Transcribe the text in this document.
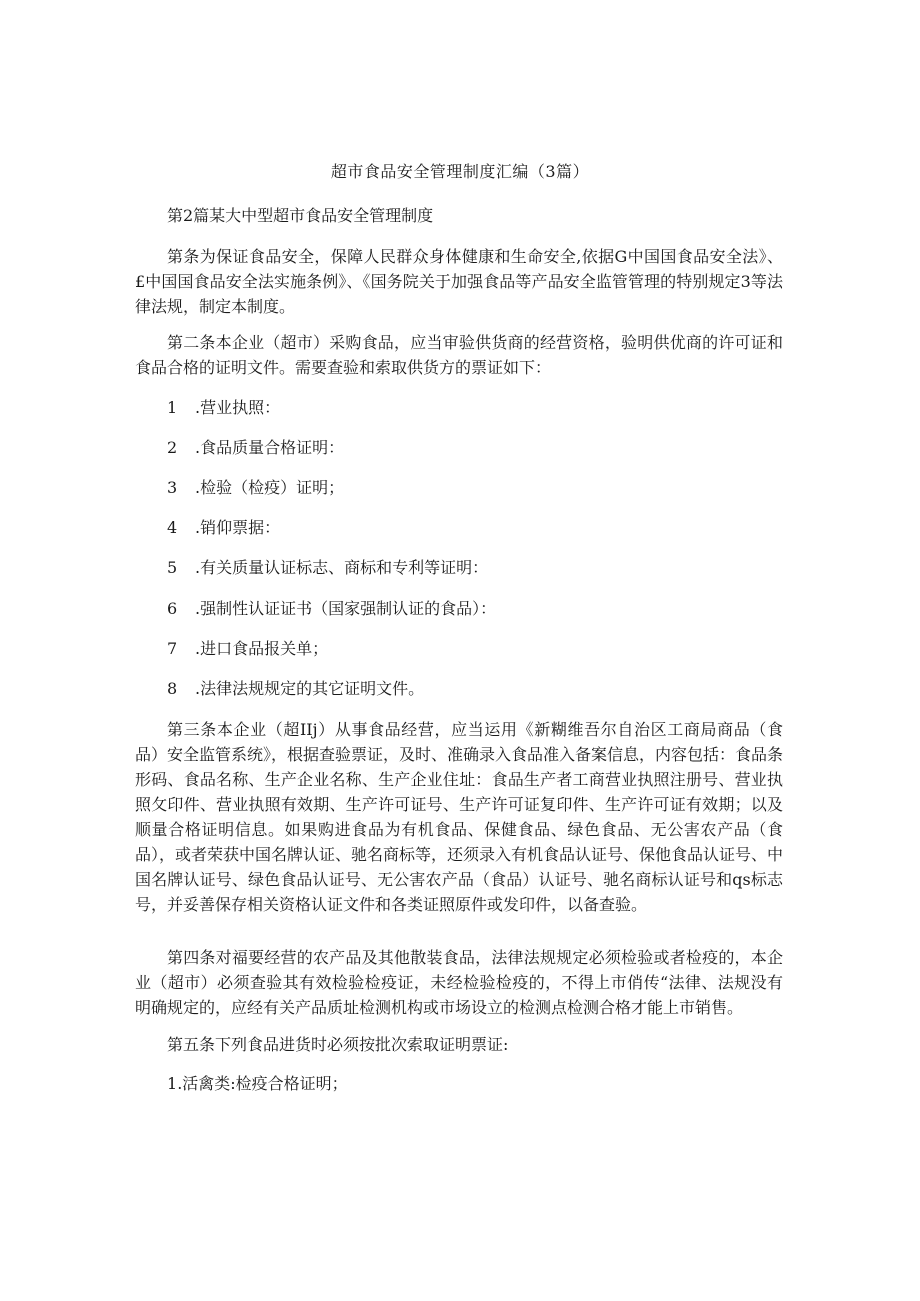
超市食品安全管理制度汇编（3篇）
第2篇某大中型超市食品安全管理制度

第条为保证食品安全，保障人民群众身体健康和生命安全,依据G中国国食品安全法》、£中国国食品安全法实施条例》、《国务院关于加强食品等产品安全监管管理的特别规定3等法律法规，制定本制度。

第二条本企业（超市）采购食品，应当审验供货商的经营资格，验明供优商的许可证和食品合格的证明文件。需要查验和索取供货方的票证如下：

1 .营业执照：
2 .食品质量合格证明：
3 .检验（检疫）证明；
4 .销仰票据：
5 .有关质量认证标志、商标和专利等证明：
6 .强制性认证证书（国家强制认证的食品）：
7 .进口食品报关单；
8 .法律法规规定的其它证明文件。

第三条本企业（超IIj）从事食品经营，应当运用《新糊维吾尔自治区工商局商品（食品）安全监管系统》，根据查验票证，及时、准确录入食品准入备案信息，内容包括：食品条形码、食品名称、生产企业名称、生产企业住址：食品生产者工商营业执照注册号、营业执照攵印件、营业执照有效期、生产许可证号、生产许可证复印件、生产许可证有效期；以及顺量合格证明信息。如果购进食品为有机食品、保健食品、绿色食品、无公害农产品（食品），或者荣获中国名牌认证、驰名商标等，还须录入有机食品认证号、保他食品认证号、中国名牌认证号、绿色食品认证号、无公害农产品（食品）认证号、驰名商标认证号和qs标志号，并妥善保存相关资格认证文件和各类证照原件或发印件，以备查验。

第四条对福要经营的农产品及其他散装食品，法律法规规定必须检验或者检疫的，本企业（超市）必须查验其有效检验检疫证，未经检验检疫的，不得上市俏传“法律、法规没有明确规定的，应经有关产品质址检测机构或市场设立的检测点检测合格才能上市销售。

第五条下列食品进货时必须按批次索取证明票证:
1.活禽类:检疫合格证明；
